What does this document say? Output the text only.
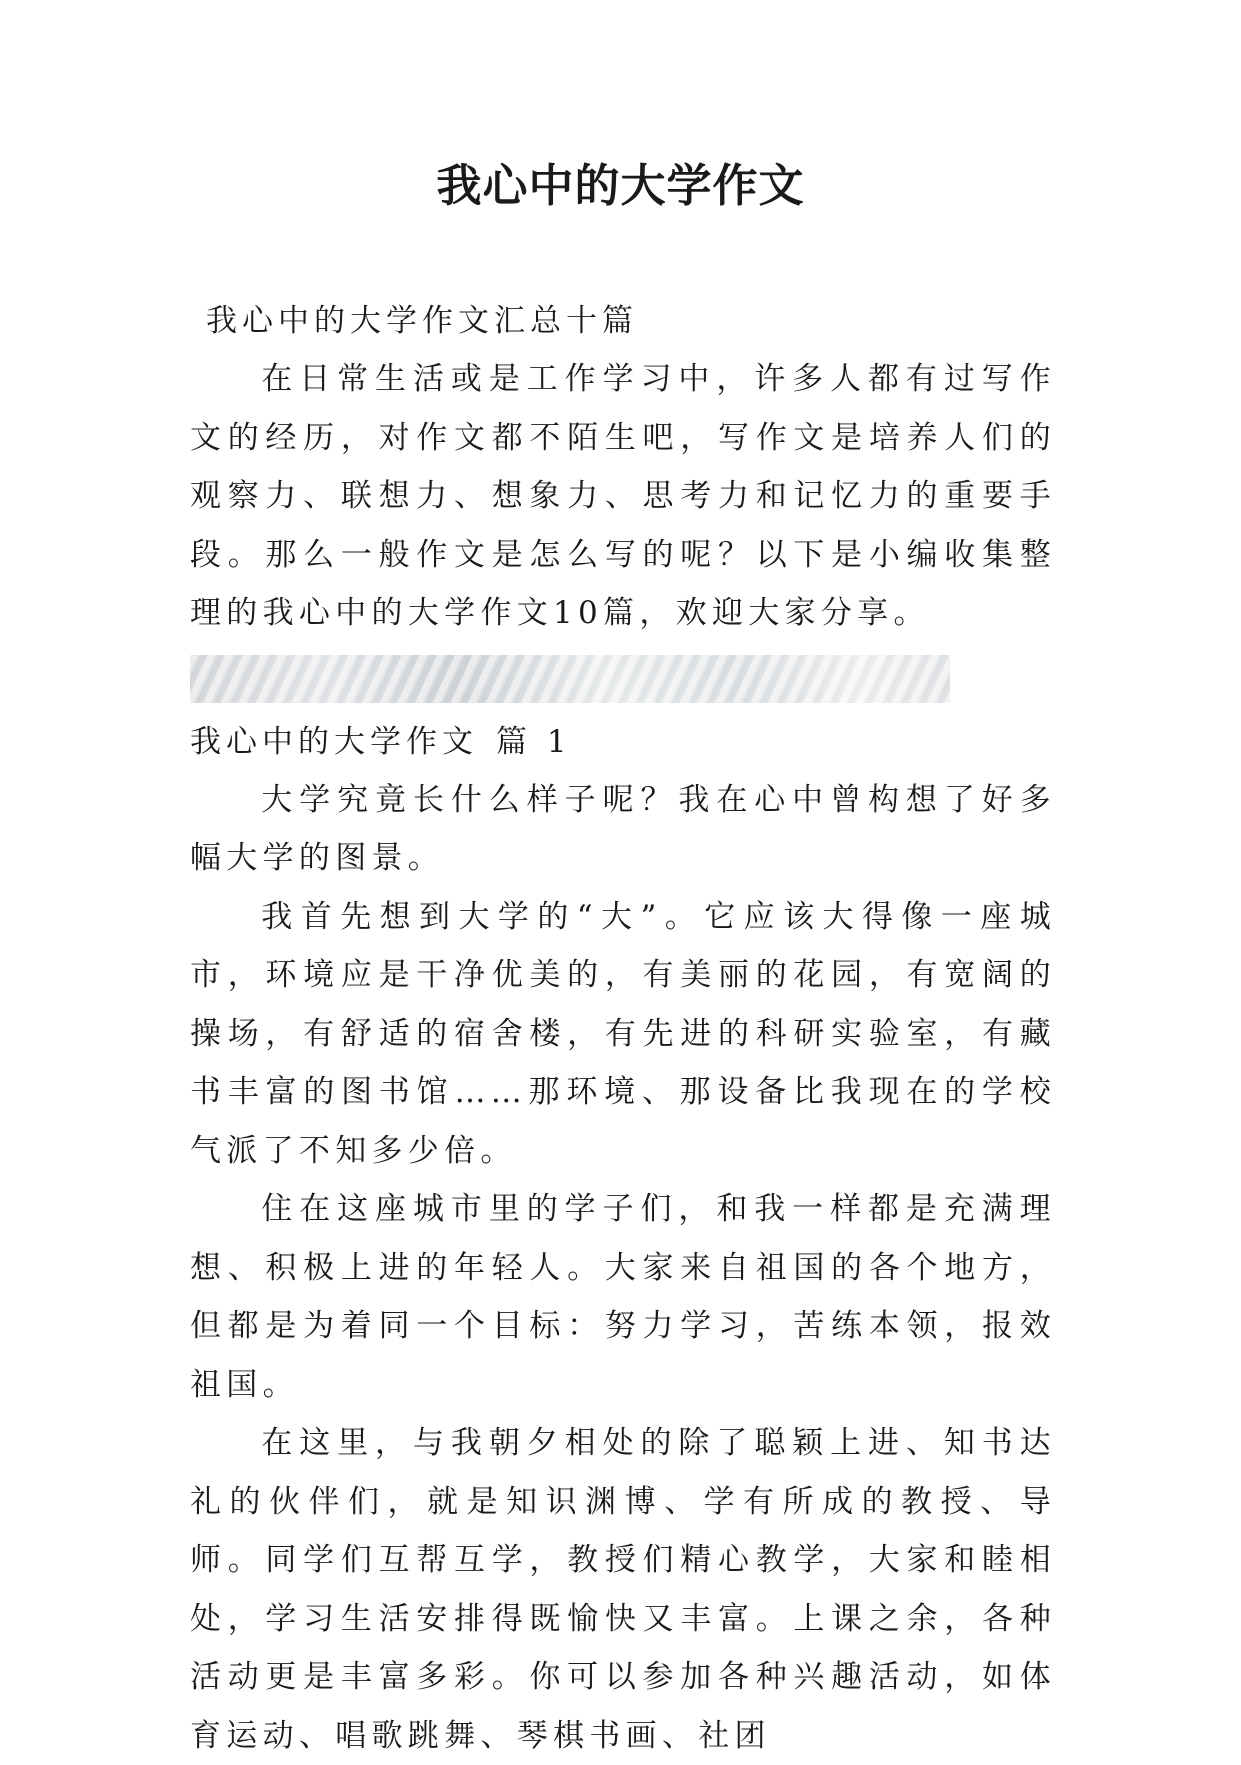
我心中的大学作文

我心中的大学作文汇总十篇

在日常生活或是工作学习中，许多人都有过写作文的经历，对作文都不陌生吧，写作文是培养人们的观察力、联想力、想象力、思考力和记忆力的重要手段。那么一般作文是怎么写的呢？以下是小编收集整理的我心中的大学作文10篇，欢迎大家分享。

我心中的大学作文 篇 1

大学究竟长什么样子呢？我在心中曾构想了好多幅大学的图景。

我首先想到大学的“大”。它应该大得像一座城市，环境应是干净优美的，有美丽的花园，有宽阔的操场，有舒适的宿舍楼，有先进的科研实验室，有藏书丰富的图书馆……那环境、那设备比我现在的学校气派了不知多少倍。

住在这座城市里的学子们，和我一样都是充满理想、积极上进的年轻人。大家来自祖国的各个地方，但都是为着同一个目标：努力学习，苦练本领，报效祖国。

在这里，与我朝夕相处的除了聪颖上进、知书达礼的伙伴们，就是知识渊博、学有所成的教授、导师。同学们互帮互学，教授们精心教学，大家和睦相处，学习生活安排得既愉快又丰富。上课之余，各种活动更是丰富多彩。你可以参加各种兴趣活动，如体育运动、唱歌跳舞、琴棋书画、社团
